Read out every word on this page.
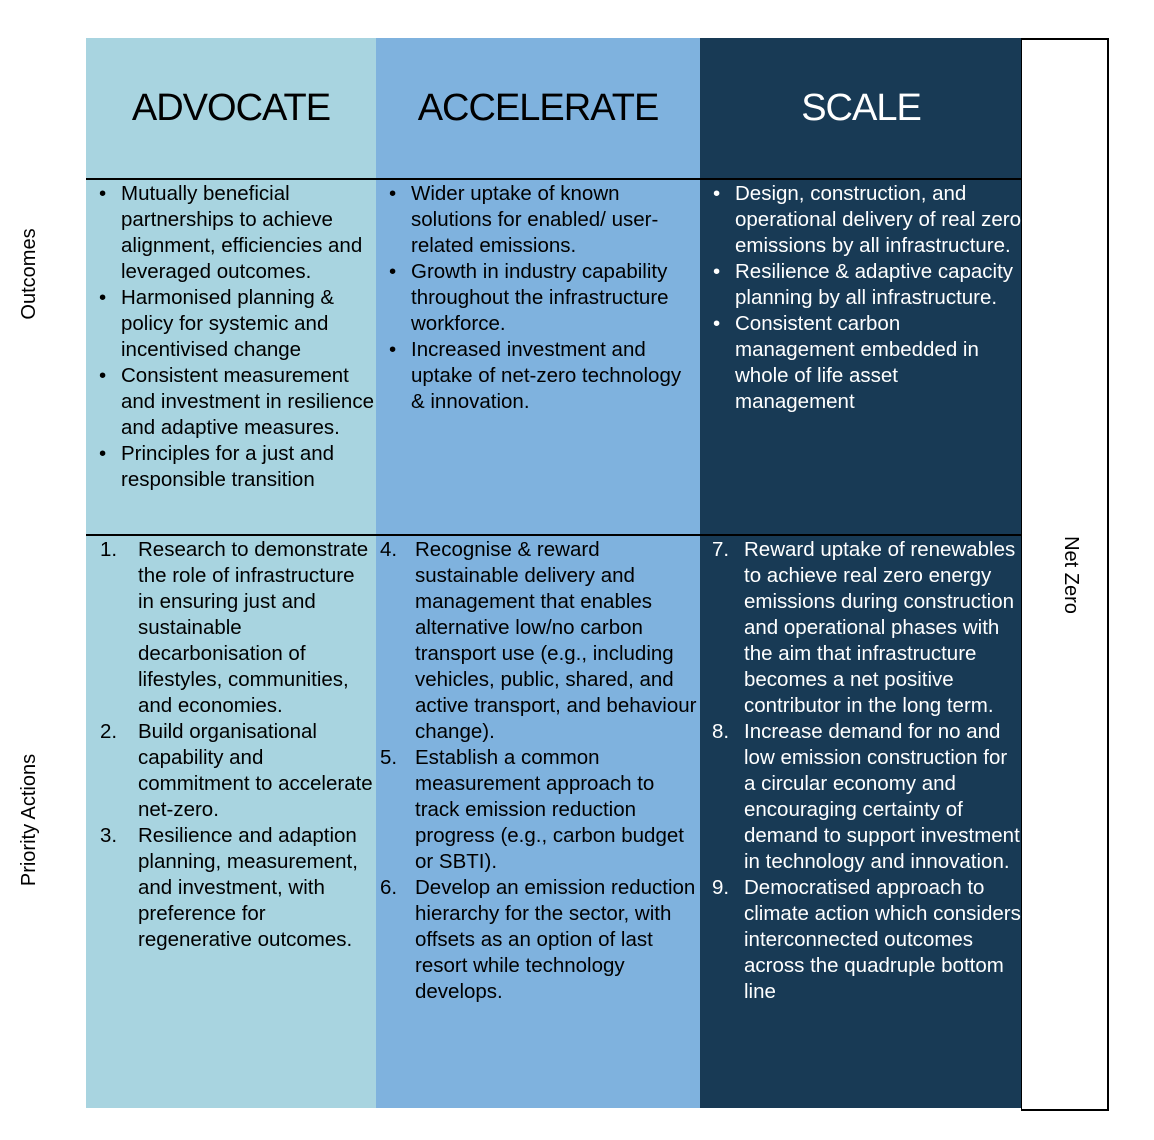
Outcomes
Priority Actions
ADVOCATE
• Mutually beneficial partnerships to achieve alignment, efficiencies and leveraged outcomes.
• Harmonised planning & policy for systemic and incentivised change
• Consistent measurement and investment in resilience and adaptive measures.
• Principles for a just and responsible transition
1. Research to demonstrate the role of infrastructure in ensuring just and sustainable decarbonisation of lifestyles, communities, and economies.
2. Build organisational capability and commitment to accelerate net-zero.
3. Resilience and adaption planning, measurement, and investment, with preference for regenerative outcomes.
ACCELERATE
• Wider uptake of known solutions for enabled/ user-related emissions.
• Growth in industry capability throughout the infrastructure workforce.
• Increased investment and uptake of net-zero technology & innovation.
4. Recognise & reward sustainable delivery and management that enables alternative low/no carbon transport use (e.g., including vehicles, public, shared, and active transport, and behaviour change).
5. Establish a common measurement approach to track emission reduction progress (e.g., carbon budget or SBTI).
6. Develop an emission reduction hierarchy for the sector, with offsets as an option of last resort while technology develops.
SCALE
• Design, construction, and operational delivery of real zero emissions by all infrastructure.
• Resilience & adaptive capacity planning by all infrastructure.
• Consistent carbon management embedded in whole of life asset management
7. Reward uptake of renewables to achieve real zero energy emissions during construction and operational phases with the aim that infrastructure becomes a net positive contributor in the long term.
8. Increase demand for no and low emission construction for a circular economy and encouraging certainty of demand to support investment in technology and innovation.
9. Democratised approach to climate action which considers interconnected outcomes across the quadruple bottom line
Net Zero
